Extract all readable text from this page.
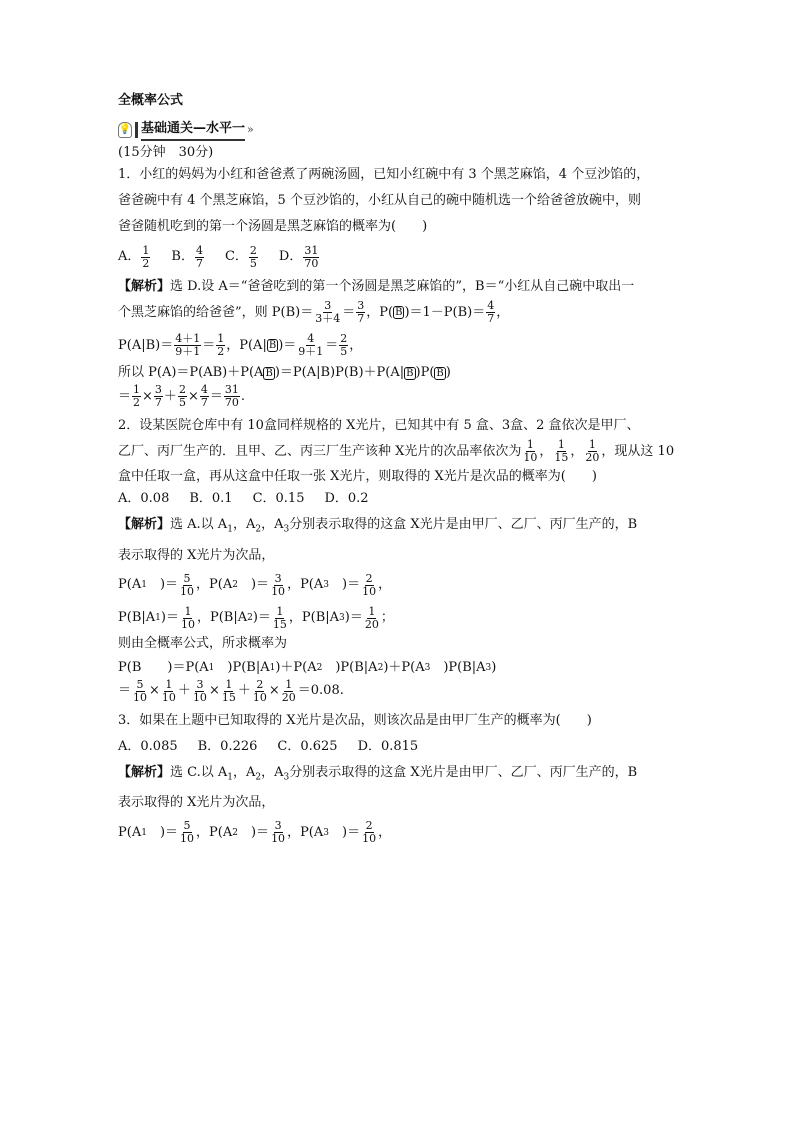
全概率公式
💡 基础通关—水平一 »
(15分钟　30分)
1．小红的妈妈为小红和爸爸煮了两碗汤圆，已知小红碗中有 3 个黑芝麻馅，4 个豆沙馅的，
爸爸碗中有 4 个黑芝麻馅，5 个豆沙馅的，小红从自己的碗中随机选一个给爸爸放碗中，则
爸爸随机吃到的第一个汤圆是黑芝麻馅的概率为(　　)
A． $\frac{1}{2}$ B． $\frac{4}{7}$ C． $\frac{2}{5}$ D． $\frac{31}{70}$
【解析】选 D.设 A＝“爸爸吃到的第一个汤圆是黑芝麻馅的”，B＝“小红从自己碗中取出一
个黑芝麻馅的给爸爸”，则 $P(B)= \frac{3}{3+4} = \frac{3}{7}$ ，P( B )$=1-P(B)= \frac{4}{7}$ ，
$P(A|B)= \frac{4+1}{9+1} = \frac{1}{2}$ ，P(A| B )＝ $\frac{4}{9+1} = \frac{2}{5}$ ，
所以 P(A)＝P(AB)＋P(A B )＝P(A|B)P(B)＋P(A| B )P( B )
＝ $\frac{1}{2} \times \frac{3}{7} + \frac{2}{5} \times \frac{4}{7} = \frac{31}{70}$ .
2．设某医院仓库中有 10盒同样规格的 X光片，已知其中有 5 盒、3盒、2 盒依次是甲厂、
乙厂、丙厂生产的．且甲、乙、丙三厂生产该种 X光片的次品率依次为 $\frac{1}{10}$ ， $\frac{1}{15}$ ， $\frac{1}{20}$ ，现从这 10
盒中任取一盒，再从这盒中任取一张 X光片，则取得的 X光片是次品的概率为(　　)
A．0.08 B．0.1 C．0.15 D．0.2
【解析】选 A.以 $A_1$，$A_2$，$A_3$分别表示取得的这盒 X光片是由甲厂、乙厂、丙厂生产的，B
表示取得的 X光片为次品，
P(A 1 　)＝ $\frac{5}{10}$ ，P(A 2 　)＝ $\frac{3}{10}$ ，P(A 3 　)＝ $\frac{2}{10}$ ，
P(B|A 1 )＝ $\frac{1}{10}$ ，P(B|A 2 )＝ $\frac{1}{15}$ ，P(B|A 3 )＝ $\frac{1}{20}$ ；
则由全概率公式，所求概率为
P(B　　)＝P(A 1 　)P(B|A 1 )＋P(A 2 　)P(B|A 2 )＋P(A 3 　)P(B|A 3 )
＝ $\frac{5}{10} \times \frac{1}{10} + \frac{3}{10} \times \frac{1}{15} + \frac{2}{10} \times \frac{1}{20} =0.08$.
3．如果在上题中已知取得的 X光片是次品，则该次品是由甲厂生产的概率为(　　)
A．0.085 B．0.226 C．0.625 D．0.815
【解析】选 C.以 $A_1$，$A_2$，$A_3$分别表示取得的这盒 X光片是由甲厂、乙厂、丙厂生产的，B
表示取得的 X光片为次品，
P(A 1 　)＝ $\frac{5}{10}$ ，P(A 2 　)＝ $\frac{3}{10}$ ，P(A 3 　)＝ $\frac{2}{10}$ ，
